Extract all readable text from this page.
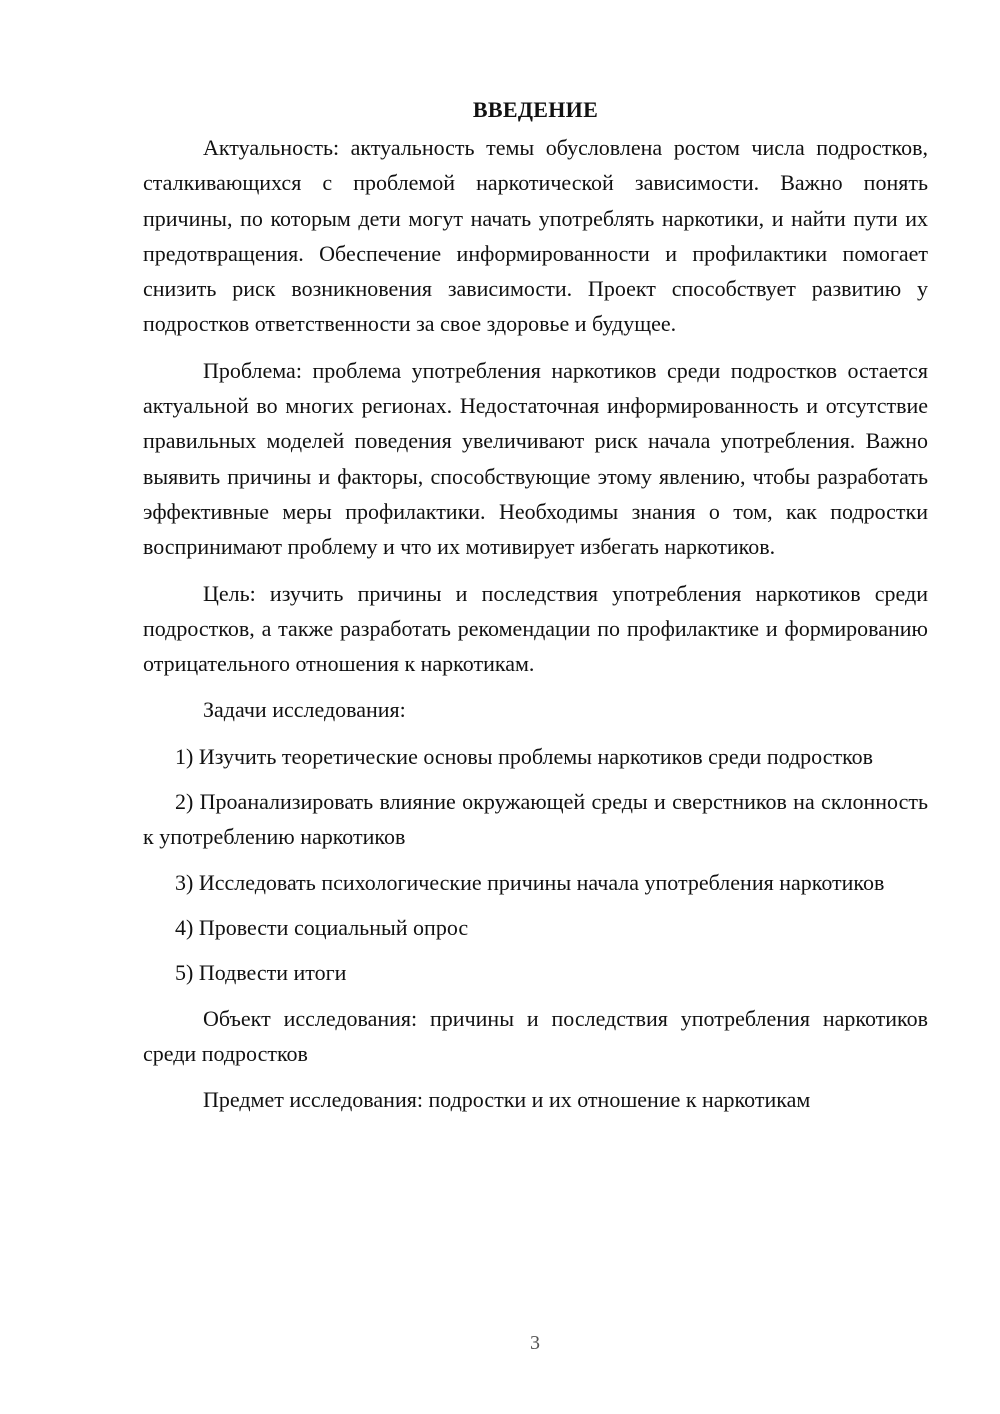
ВВЕДЕНИЕ

Актуальность: актуальность темы обусловлена ростом числа подростков, сталкивающихся с проблемой наркотической зависимости. Важно понять причины, по которым дети могут начать употреблять наркотики, и найти пути их предотвращения. Обеспечение информированности и профилактики помогает снизить риск возникновения зависимости. Проект способствует развитию у подростков ответственности за свое здоровье и будущее.

Проблема: проблема употребления наркотиков среди подростков остается актуальной во многих регионах. Недостаточная информированность и отсутствие правильных моделей поведения увеличивают риск начала употребления. Важно выявить причины и факторы, способствующие этому явлению, чтобы разработать эффективные меры профилактики. Необходимы знания о том, как подростки воспринимают проблему и что их мотивирует избегать наркотиков.

Цель: изучить причины и последствия употребления наркотиков среди подростков, а также разработать рекомендации по профилактике и формированию отрицательного отношения к наркотикам.

Задачи исследования:

1) Изучить теоретические основы проблемы наркотиков среди подростков

2) Проанализировать влияние окружающей среды и сверстников на склонность к употреблению наркотиков

3) Исследовать психологические причины начала употребления наркотиков

4) Провести социальный опрос

5) Подвести итоги

Объект исследования: причины и последствия употребления наркотиков среди подростков

Предмет исследования: подростки и их отношение к наркотикам

3
